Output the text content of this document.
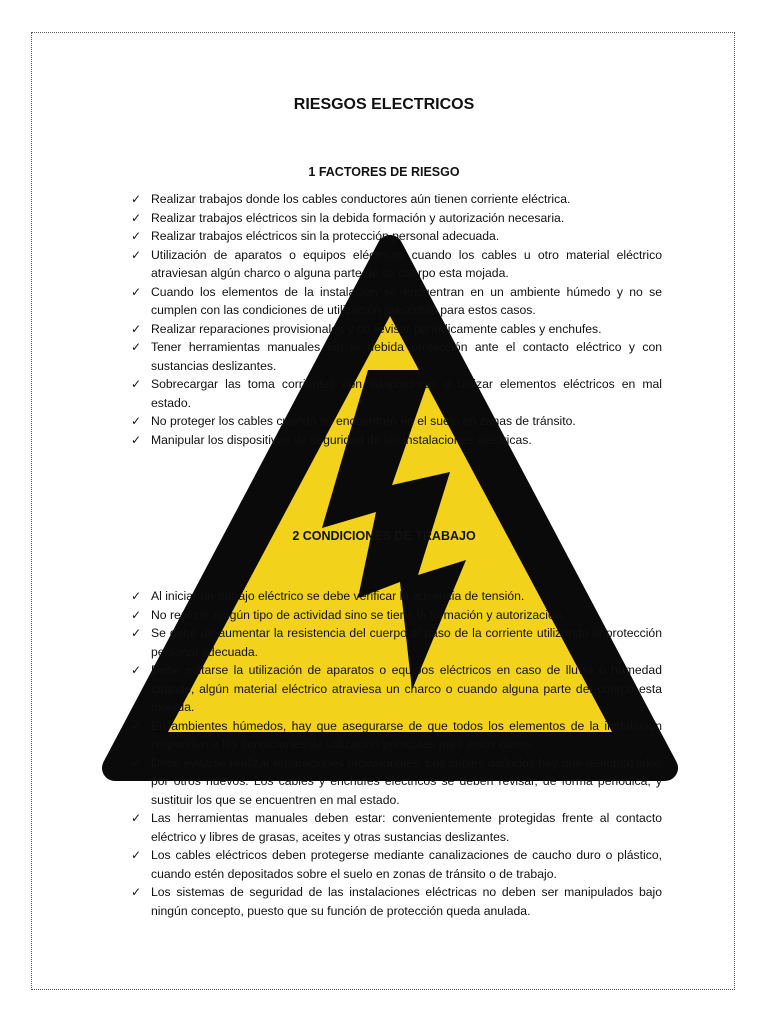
RIESGOS ELECTRICOS
1 FACTORES DE RIESGO
✓ Realizar trabajos donde los cables conductores aún tienen corriente eléctrica.
✓ Realizar trabajos eléctricos sin la debida formación y autorización necesaria.
✓ Realizar trabajos eléctricos sin la protección personal adecuada.
✓ Utilización de aparatos o equipos eléctricos cuando los cables u otro material eléctrico atraviesan algún charco o alguna parte de su cuerpo esta mojada.
✓ Cuando los elementos de la instalación se encuentran en un ambiente húmedo y no se cumplen con las condiciones de utilización prescritas para estos casos.
✓ Realizar reparaciones provisionales y no revisar periódicamente cables y enchufes.
✓ Tener herramientas manuales sin la debida protección ante el contacto eléctrico y con sustancias deslizantes.
✓ Sobrecargar las toma corrientes con adaptadores o utilizar elementos eléctricos en mal estado.
✓ No proteger los cables cuando se encuentren en el suelo en zonas de tránsito.
✓ Manipular los dispositivos de seguridad de las instalaciones eléctricas.
2 CONDICIONES DE TRABAJO
✓ Al iniciar un trabajo eléctrico se debe verificar la ausencia de tensión.
✓ No realizar ningún tipo de actividad sino se tiene la formación y autorización.
✓ Se debe de aumentar la resistencia del cuerpo al paso de la corriente utilizando la protección personal adecuada.
✓ Debe evitarse la utilización de aparatos o equipos eléctricos en caso de lluvia o humedad cuando, algún material eléctrico atraviesa un charco o cuando alguna parte del cuerpo esta mojada.
✓ En ambientes húmedos, hay que asegurarse de que todos los elementos de la instalación responden a las condiciones de utilización prescritas para estos casos.
✓ Debe evitarse realizar reparaciones provisionales. Los cables dañados hay que reemplazarlos por otros nuevos. Los cables y enchufes eléctricos se deben revisar, de forma periódica, y sustituir los que se encuentren en mal estado.
✓ Las herramientas manuales deben estar: convenientemente protegidas frente al contacto eléctrico y libres de grasas, aceites y otras sustancias deslizantes.
✓ Los cables eléctricos deben protegerse mediante canalizaciones de caucho duro o plástico, cuando estén depositados sobre el suelo en zonas de tránsito o de trabajo.
✓ Los sistemas de seguridad de las instalaciones eléctricas no deben ser manipulados bajo ningún concepto, puesto que su función de protección queda anulada.
